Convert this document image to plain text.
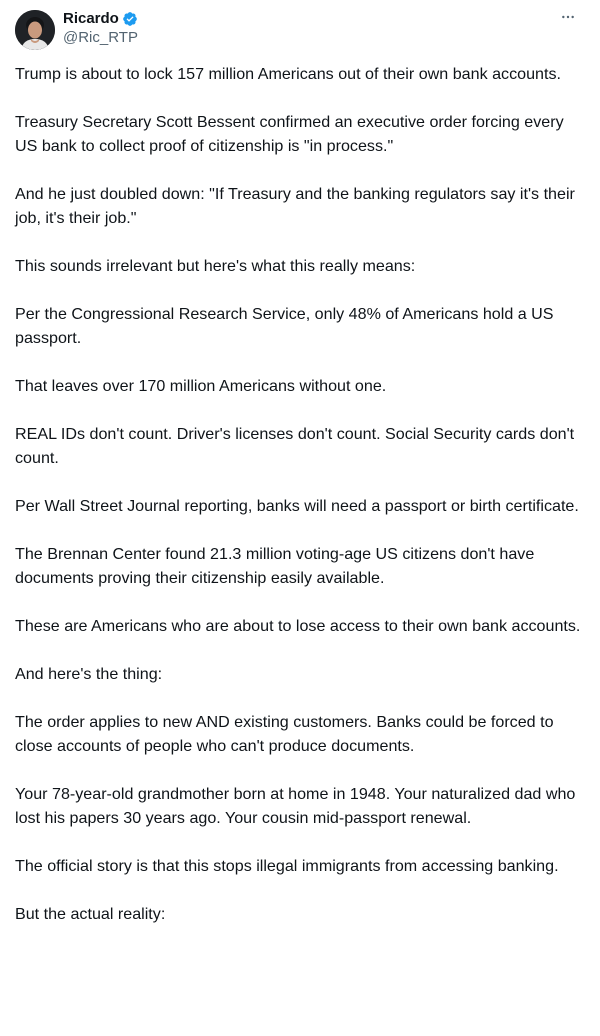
Ricardo
@Ric_RTP

Trump is about to lock 157 million Americans out of their own bank accounts.

Treasury Secretary Scott Bessent confirmed an executive order forcing every US bank to collect proof of citizenship is "in process."

And he just doubled down: "If Treasury and the banking regulators say it's their job, it's their job."

This sounds irrelevant but here's what this really means:

Per the Congressional Research Service, only 48% of Americans hold a US passport.

That leaves over 170 million Americans without one.

REAL IDs don't count. Driver's licenses don't count. Social Security cards don't count.

Per Wall Street Journal reporting, banks will need a passport or birth certificate.

The Brennan Center found 21.3 million voting-age US citizens don't have documents proving their citizenship easily available.

These are Americans who are about to lose access to their own bank accounts.

And here's the thing:

The order applies to new AND existing customers. Banks could be forced to close accounts of people who can't produce documents.

Your 78-year-old grandmother born at home in 1948. Your naturalized dad who lost his papers 30 years ago. Your cousin mid-passport renewal.

The official story is that this stops illegal immigrants from accessing banking.

But the actual reality:
